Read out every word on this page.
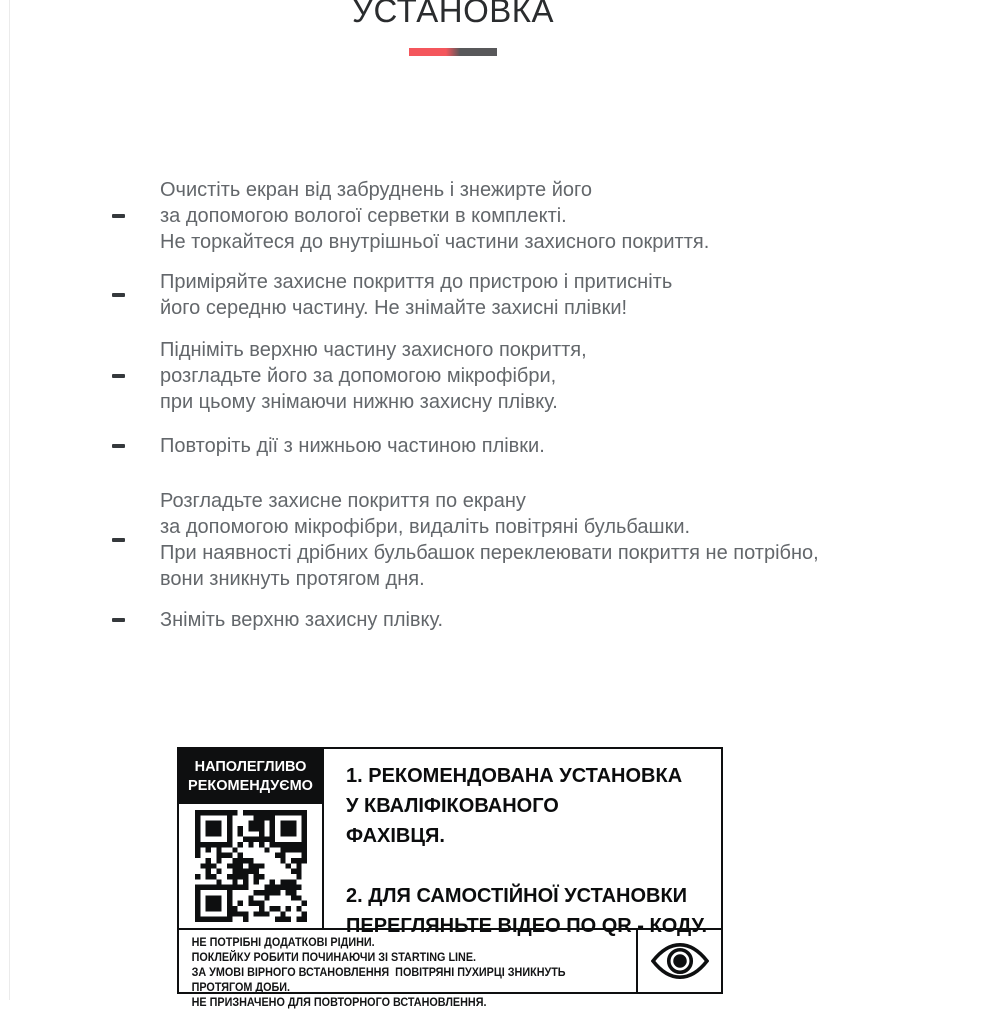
УСТАНОВКА
Очистіть екран від забруднень і знежирте його
за допомогою вологої серветки в комплекті.
Не торкайтеся до внутрішньої частини захисного покриття.
Приміряйте захисне покриття до пристрою і притисніть
його середню частину. Не знімайте захисні плівки!
Підніміть верхню частину захисного покриття,
розгладьте його за допомогою мікрофібри,
при цьому знімаючи нижню захисну плівку.
Повторіть дії з нижньою частиною плівки.
Розгладьте захисне покриття по екрану
за допомогою мікрофібри, видаліть повітряні бульбашки.
При наявності дрібних бульбашок переклеювати покриття не потрібно,
вони зникнуть протягом дня.
Зніміть верхню захисну плівку.
НАПОЛЕГЛИВО
РЕКОМЕНДУЄМО	1. РЕКОМЕНДОВАНА УСТАНОВКА
У КВАЛІФІКОВАНОГО
ФАХІВЦЯ.
2. ДЛЯ САМОСТІЙНОЇ УСТАНОВКИ
ПЕРЕГЛЯНЬТЕ ВІДЕО ПО QR - КОДУ.
НЕ ПОТРІБНІ ДОДАТКОВІ РІДИНИ.
ПОКЛЕЙКУ РОБИТИ ПОЧИНАЮЧИ ЗІ STARTING LINE.
ЗА УМОВІ ВІРНОГО ВСТАНОВЛЕННЯ  ПОВІТРЯНІ ПУХИРЦІ ЗНИКНУТЬ  ПРОТЯГОМ ДОБИ.
НЕ ПРИЗНАЧЕНО ДЛЯ ПОВТОРНОГО ВСТАНОВЛЕННЯ.
